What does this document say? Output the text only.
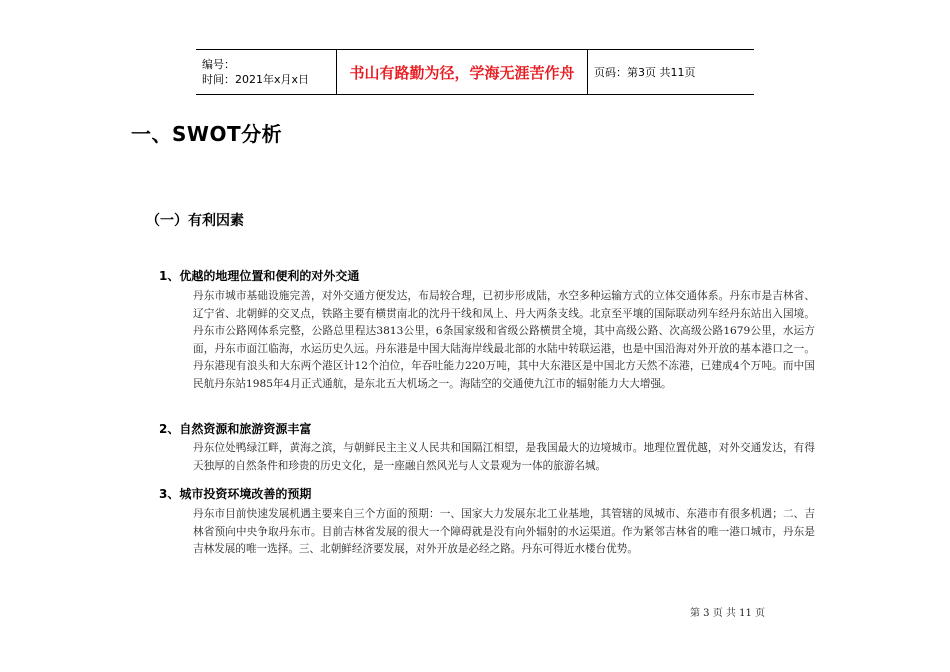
编号：
时间：2021年x月x日	书山有路勤为径，学海无涯苦作舟	页码：第3页 共11页
一、SWOT分析
（一）有利因素
1、优越的地理位置和便利的对外交通

丹东市城市基础设施完善，对外交通方便发达，布局较合理，已初步形成陆，水空多种运输方式的立体交通体系。丹东市是吉林省、辽宁省、北朝鲜的交叉点，铁路主要有横贯南北的沈丹干线和凤上、丹大两条支线。北京至平壤的国际联动列车经丹东站出入国境。丹东市公路网体系完整，公路总里程达3813公里，6条国家级和省级公路横贯全境，其中高级公路、次高级公路1679公里，水运方面，丹东市面江临海，水运历史久远。丹东港是中国大陆海岸线最北部的水陆中转联运港，也是中国沿海对外开放的基本港口之一。丹东港现有浪头和大东两个港区计12个泊位，年吞吐能力220万吨，其中大东港区是中国北方天然不冻港，已建成4个万吨。而中国民航丹东站1985年4月正式通航，是东北五大机场之一。海陆空的交通使九江市的辐射能力大大增强。

2、自然资源和旅游资源丰富

丹东位处鸭绿江畔，黄海之滨，与朝鲜民主主义人民共和国隔江相望，是我国最大的边境城市。地理位置优越，对外交通发达，有得天独厚的自然条件和珍贵的历史文化，是一座融自然风光与人文景观为一体的旅游名城。

3、城市投资环境改善的预期

丹东市目前快速发展机遇主要来自三个方面的预期：一、国家大力发展东北工业基地，其管辖的凤城市、东港市有很多机遇；二、吉林省预向中央争取丹东市。目前吉林省发展的很大一个障碍就是没有向外辐射的水运渠道。作为紧邻吉林省的唯一港口城市，丹东是吉林发展的唯一选择。三、北朝鲜经济要发展，对外开放是必经之路。丹东可得近水楼台优势。

第 3 页 共 11 页
